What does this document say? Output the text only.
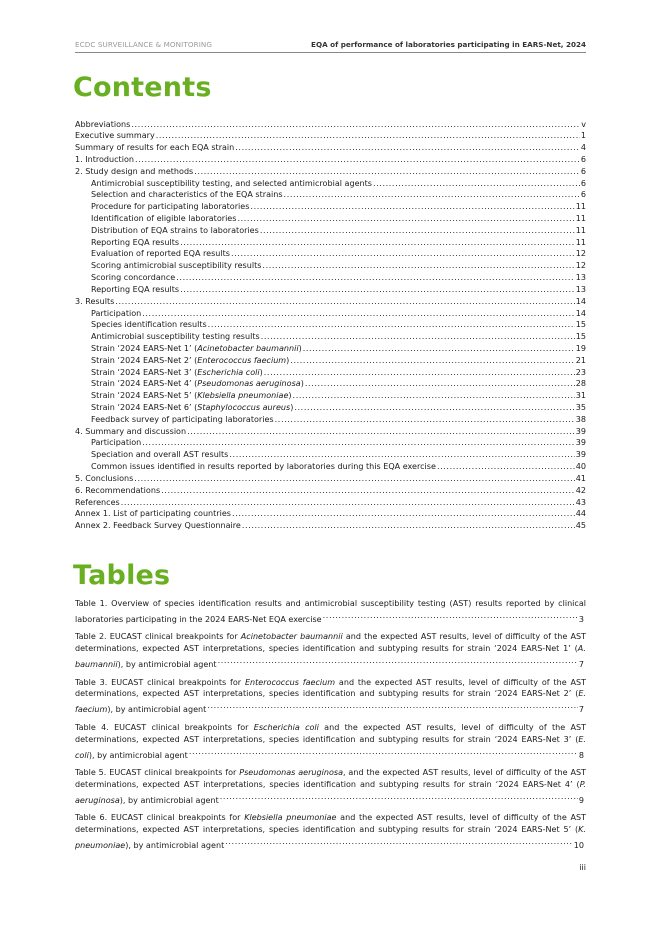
ECDC SURVEILLANCE & MONITORING	EQA of performance of laboratories participating in EARS-Net, 2024
Contents
Abbreviations .....	v
Executive summary .....	1
Summary of results for each EQA strain .....	4
1. Introduction .....	6
2. Study design and methods .....	6
Antimicrobial susceptibility testing, and selected antimicrobial agents .....	6
Selection and characteristics of the EQA strains .....	6
Procedure for participating laboratories .....	11
Identification of eligible laboratories .....	11
Distribution of EQA strains to laboratories .....	11
Reporting EQA results .....	11
Evaluation of reported EQA results .....	12
Scoring antimicrobial susceptibility results .....	12
Scoring concordance .....	13
Reporting EQA results .....	13
3. Results .....	14
Participation .....	14
Species identification results .....	15
Antimicrobial susceptibility testing results .....	15
Strain ‘2024 EARS-Net 1’ (Acinetobacter baumannii) .....	19
Strain ‘2024 EARS-Net 2’ (Enterococcus faecium) .....	21
Strain ‘2024 EARS-Net 3’ (Escherichia coli) .....	23
Strain ‘2024 EARS-Net 4’ (Pseudomonas aeruginosa) .....	28
Strain ‘2024 EARS-Net 5’ (Klebsiella pneumoniae) .....	31
Strain ‘2024 EARS-Net 6’ (Staphylococcus aureus) .....	35
Feedback survey of participating laboratories .....	38
4. Summary and discussion .....	39
Participation .....	39
Speciation and overall AST results .....	39
Common issues identified in results reported by laboratories during this EQA exercise .....	40
5. Conclusions .....	41
6. Recommendations .....	42
References .....	43
Annex 1. List of participating countries .....	44
Annex 2. Feedback Survey Questionnaire .....	45
Tables
Table 1. Overview of species identification results and antimicrobial susceptibility testing (AST) results reported by clinical laboratories participating in the 2024 EARS-Net EQA exercise .....	3
Table 2. EUCAST clinical breakpoints for Acinetobacter baumannii and the expected AST results, level of difficulty of the AST determinations, expected AST interpretations, species identification and subtyping results for strain ‘2024 EARS-Net 1’ (A. baumannii), by antimicrobial agent .....	7
Table 3. EUCAST clinical breakpoints for Enterococcus faecium and the expected AST results, level of difficulty of the AST determinations, expected AST interpretations, species identification and subtyping results for strain ‘2024 EARS-Net 2’ (E. faecium), by antimicrobial agent .....	7
Table 4. EUCAST clinical breakpoints for Escherichia coli and the expected AST results, level of difficulty of the AST determinations, expected AST interpretations, species identification and subtyping results for strain ‘2024 EARS-Net 3’ (E. coli), by antimicrobial agent .....	8
Table 5. EUCAST clinical breakpoints for Pseudomonas aeruginosa, and the expected AST results, level of difficulty of the AST determinations, expected AST interpretations, species identification and subtyping results for strain ‘2024 EARS-Net 4’ (P. aeruginosa), by antimicrobial agent .....	9
Table 6. EUCAST clinical breakpoints for Klebsiella pneumoniae and the expected AST results, level of difficulty of the AST determinations, expected AST interpretations, species identification and subtyping results for strain ‘2024 EARS-Net 5’ (K. pneumoniae), by antimicrobial agent .....	10
iii
